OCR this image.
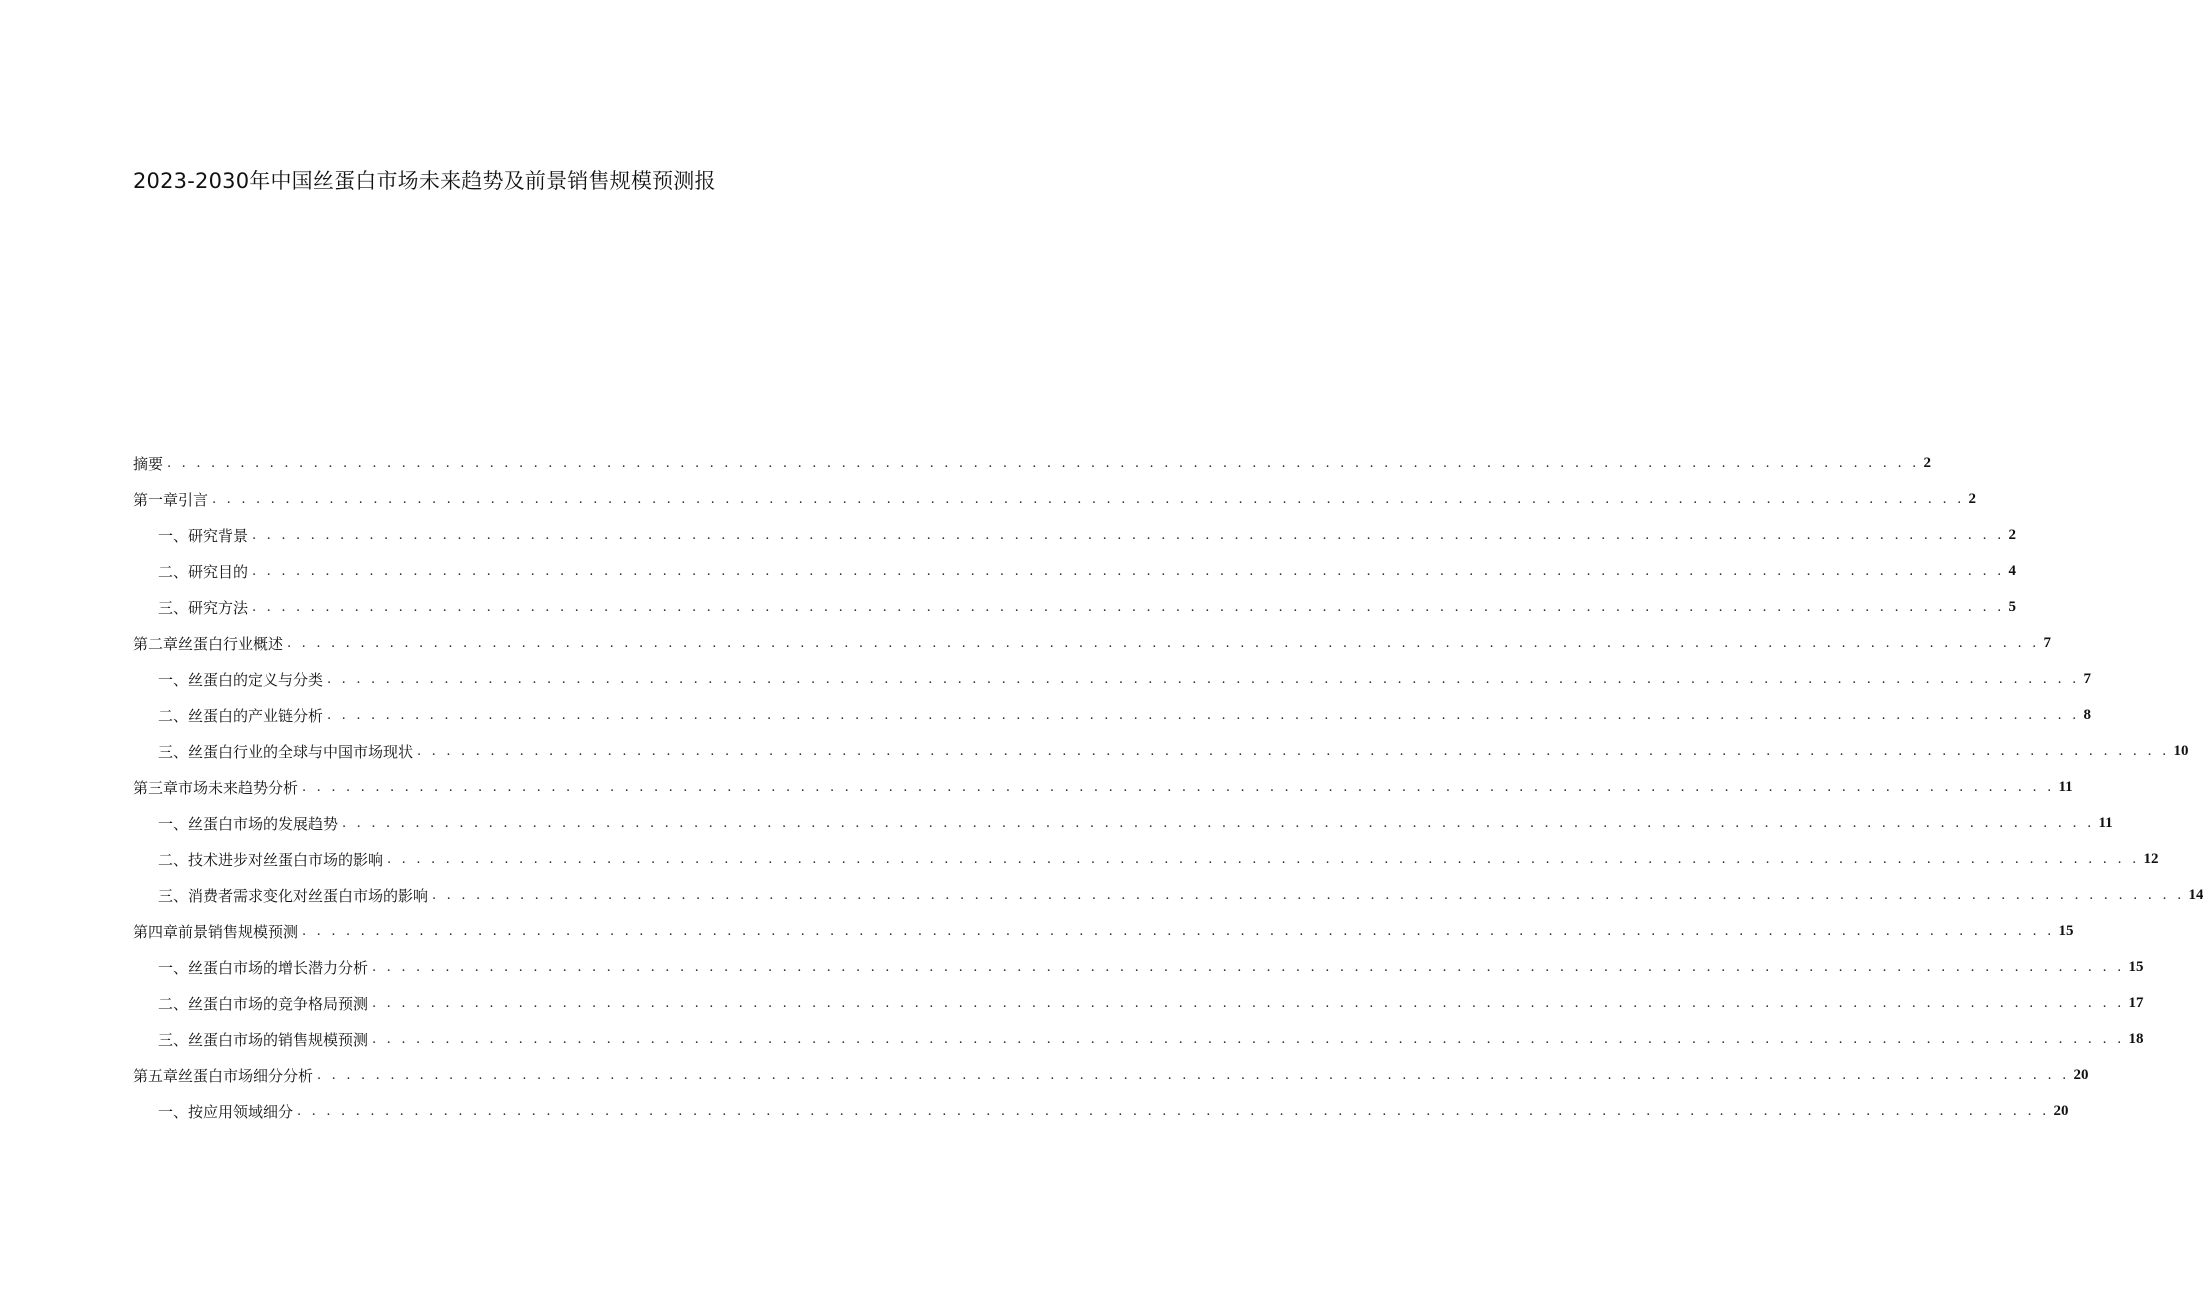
2023-2030年中国丝蛋白市场未来趋势及前景销售规模预测报
摘要 . . . . . . . . . . . . . . . . . . . . . . . . . . . . . . . . . . . . . . . . . . . . . . . . . . . . . . . . . . . . . . . . . . . . . . . . . . . . . . . . . . . . . . . . . . . . . . . . . . . . . . . . . . . . . . . . . . . . . . . . 2
第一章引言 . . . . . . . . . . . . . . . . . . . . . . . . . . . . . . . . . . . . . . . . . . . . . . . . . . . . . . . . . . . . . . . . . . . . . . . . . . . . . . . . . . . . . . . . . . . . . . . . . . . . . . . . . . . . . . . . . . . . . . . . 2
一、研究背景 . . . . . . . . . . . . . . . . . . . . . . . . . . . . . . . . . . . . . . . . . . . . . . . . . . . . . . . . . . . . . . . . . . . . . . . . . . . . . . . . . . . . . . . . . . . . . . . . . . . . . . . . . . . . . . . . . . . . . . . . 2
二、研究目的 . . . . . . . . . . . . . . . . . . . . . . . . . . . . . . . . . . . . . . . . . . . . . . . . . . . . . . . . . . . . . . . . . . . . . . . . . . . . . . . . . . . . . . . . . . . . . . . . . . . . . . . . . . . . . . . . . . . . . . . . 4
三、研究方法 . . . . . . . . . . . . . . . . . . . . . . . . . . . . . . . . . . . . . . . . . . . . . . . . . . . . . . . . . . . . . . . . . . . . . . . . . . . . . . . . . . . . . . . . . . . . . . . . . . . . . . . . . . . . . . . . . . . . . . . . 5
第二章丝蛋白行业概述 . . . . . . . . . . . . . . . . . . . . . . . . . . . . . . . . . . . . . . . . . . . . . . . . . . . . . . . . . . . . . . . . . . . . . . . . . . . . . . . . . . . . . . . . . . . . . . . . . . . . . . . . . . . . . . . . . . . . . . . . 7
一、丝蛋白的定义与分类 . . . . . . . . . . . . . . . . . . . . . . . . . . . . . . . . . . . . . . . . . . . . . . . . . . . . . . . . . . . . . . . . . . . . . . . . . . . . . . . . . . . . . . . . . . . . . . . . . . . . . . . . . . . . . . . . . . . . . . . . 7
二、丝蛋白的产业链分析 . . . . . . . . . . . . . . . . . . . . . . . . . . . . . . . . . . . . . . . . . . . . . . . . . . . . . . . . . . . . . . . . . . . . . . . . . . . . . . . . . . . . . . . . . . . . . . . . . . . . . . . . . . . . . . . . . . . . . . . . 8
三、丝蛋白行业的全球与中国市场现状 . . . . . . . . . . . . . . . . . . . . . . . . . . . . . . . . . . . . . . . . . . . . . . . . . . . . . . . . . . . . . . . . . . . . . . . . . . . . . . . . . . . . . . . . . . . . . . . . . . . . . . . . . . . . . . . . . . . . . . . . 10
第三章市场未来趋势分析 . . . . . . . . . . . . . . . . . . . . . . . . . . . . . . . . . . . . . . . . . . . . . . . . . . . . . . . . . . . . . . . . . . . . . . . . . . . . . . . . . . . . . . . . . . . . . . . . . . . . . . . . . . . . . . . . . . . . . . . . 11
一、丝蛋白市场的发展趋势 . . . . . . . . . . . . . . . . . . . . . . . . . . . . . . . . . . . . . . . . . . . . . . . . . . . . . . . . . . . . . . . . . . . . . . . . . . . . . . . . . . . . . . . . . . . . . . . . . . . . . . . . . . . . . . . . . . . . . . . . 11
二、技术进步对丝蛋白市场的影响 . . . . . . . . . . . . . . . . . . . . . . . . . . . . . . . . . . . . . . . . . . . . . . . . . . . . . . . . . . . . . . . . . . . . . . . . . . . . . . . . . . . . . . . . . . . . . . . . . . . . . . . . . . . . . . . . . . . . . . . . 12
三、消费者需求变化对丝蛋白市场的影响 . . . . . . . . . . . . . . . . . . . . . . . . . . . . . . . . . . . . . . . . . . . . . . . . . . . . . . . . . . . . . . . . . . . . . . . . . . . . . . . . . . . . . . . . . . . . . . . . . . . . . . . . . . . . . . . . . . . . . . . . 14
第四章前景销售规模预测 . . . . . . . . . . . . . . . . . . . . . . . . . . . . . . . . . . . . . . . . . . . . . . . . . . . . . . . . . . . . . . . . . . . . . . . . . . . . . . . . . . . . . . . . . . . . . . . . . . . . . . . . . . . . . . . . . . . . . . . . 15
一、丝蛋白市场的增长潜力分析 . . . . . . . . . . . . . . . . . . . . . . . . . . . . . . . . . . . . . . . . . . . . . . . . . . . . . . . . . . . . . . . . . . . . . . . . . . . . . . . . . . . . . . . . . . . . . . . . . . . . . . . . . . . . . . . . . . . . . . . . 15
二、丝蛋白市场的竞争格局预测 . . . . . . . . . . . . . . . . . . . . . . . . . . . . . . . . . . . . . . . . . . . . . . . . . . . . . . . . . . . . . . . . . . . . . . . . . . . . . . . . . . . . . . . . . . . . . . . . . . . . . . . . . . . . . . . . . . . . . . . . 17
三、丝蛋白市场的销售规模预测 . . . . . . . . . . . . . . . . . . . . . . . . . . . . . . . . . . . . . . . . . . . . . . . . . . . . . . . . . . . . . . . . . . . . . . . . . . . . . . . . . . . . . . . . . . . . . . . . . . . . . . . . . . . . . . . . . . . . . . . . 18
第五章丝蛋白市场细分分析 . . . . . . . . . . . . . . . . . . . . . . . . . . . . . . . . . . . . . . . . . . . . . . . . . . . . . . . . . . . . . . . . . . . . . . . . . . . . . . . . . . . . . . . . . . . . . . . . . . . . . . . . . . . . . . . . . . . . . . . . 20
一、按应用领域细分 . . . . . . . . . . . . . . . . . . . . . . . . . . . . . . . . . . . . . . . . . . . . . . . . . . . . . . . . . . . . . . . . . . . . . . . . . . . . . . . . . . . . . . . . . . . . . . . . . . . . . . . . . . . . . . . . . . . . . . . . 20
